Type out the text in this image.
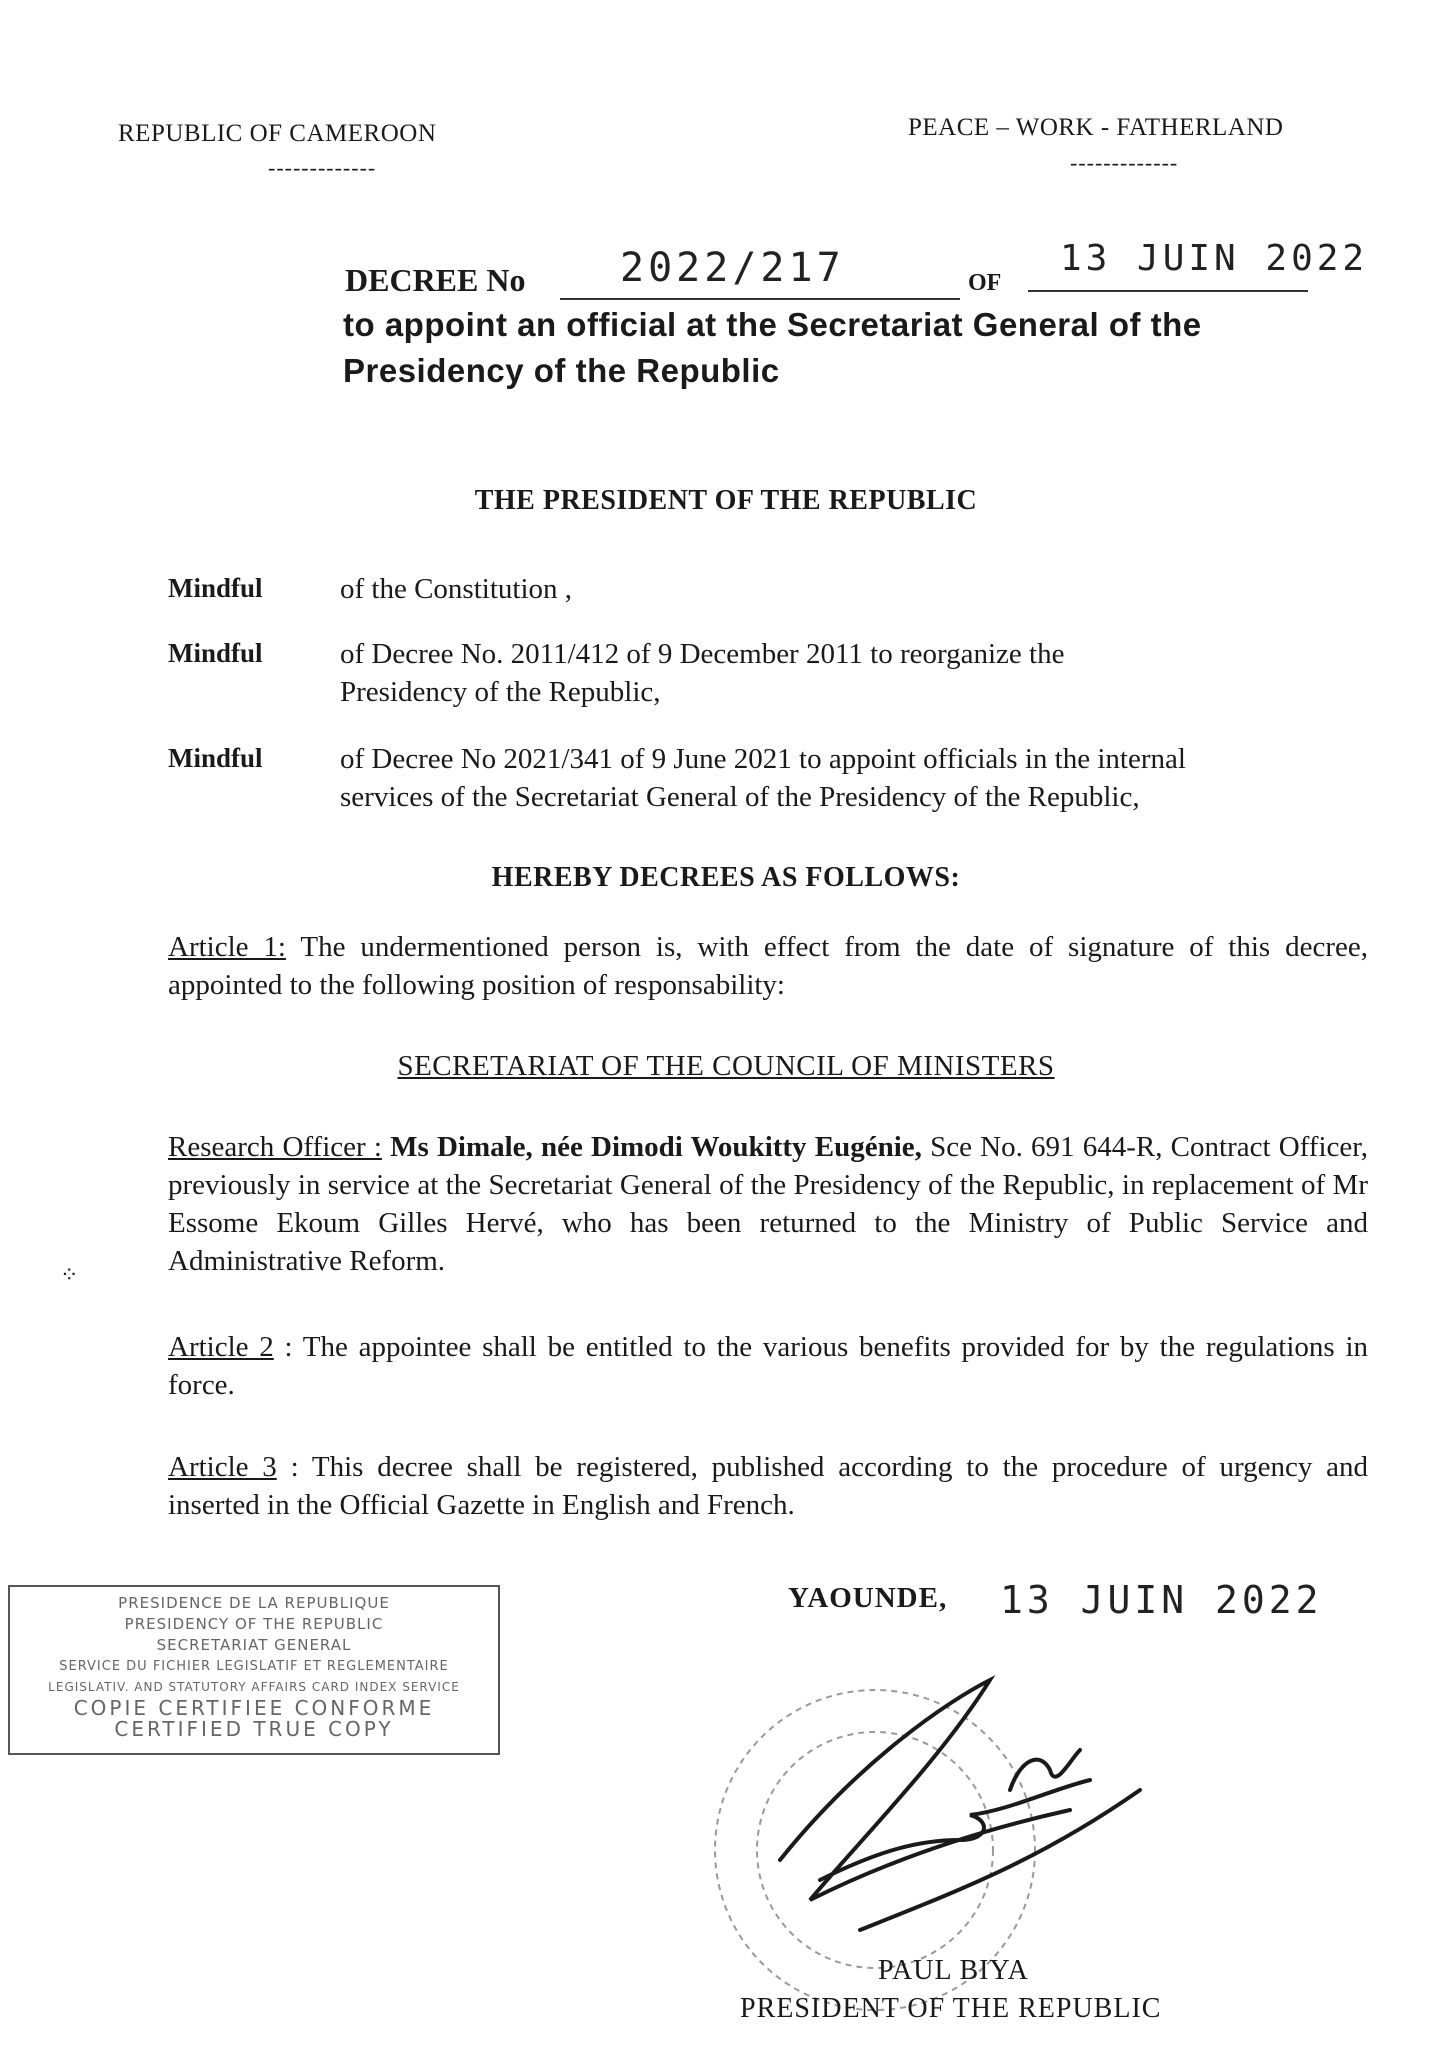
REPUBLIC OF CAMEROON
-------------
PEACE – WORK - FATHERLAND
-------------
DECREE No 2022/217	OF
13 JUIN 2022
to appoint an official at the Secretariat General of the
Presidency of the Republic
THE PRESIDENT OF THE REPUBLIC
Mindful	of the Constitution ,
Mindful	of Decree No. 2011/412 of 9 December 2011 to reorganize the
Presidency of the Republic,
Mindful	of Decree No 2021/341 of 9 June 2021 to appoint officials in the internal
services of the Secretariat General of the Presidency of the Republic,
HEREBY DECREES AS FOLLOWS:
Article 1: The undermentioned person is, with effect from the date of signature of this decree, appointed to the following position of responsability:
SECRETARIAT OF THE COUNCIL OF MINISTERS
Research Officer : Ms Dimale, née Dimodi Woukitty Eugénie, Sce No. 691 644-R, Contract Officer, previously in service at the Secretariat General of the Presidency of the Republic, in replacement of Mr Essome Ekoum Gilles Hervé, who has been returned to the Ministry of Public Service and Administrative Reform.
⁘
Article 2 : The appointee shall be entitled to the various benefits provided for by the regulations in force.
Article 3 : This decree shall be registered, published according to the procedure of urgency and inserted in the Official Gazette in English and French.
PRESIDENCE DE LA REPUBLIQUE
PRESIDENCY OF THE REPUBLIC
SECRETARIAT GENERAL
SERVICE DU FICHIER LEGISLATIF ET REGLEMENTAIRE
LEGISLATIV. AND STATUTORY AFFAIRS CARD INDEX SERVICE
COPIE CERTIFIEE CONFORME
CERTIFIED TRUE COPY
YAOUNDE, 13 JUIN 2022
PAUL BIYA
PRESIDENT OF THE REPUBLIC
